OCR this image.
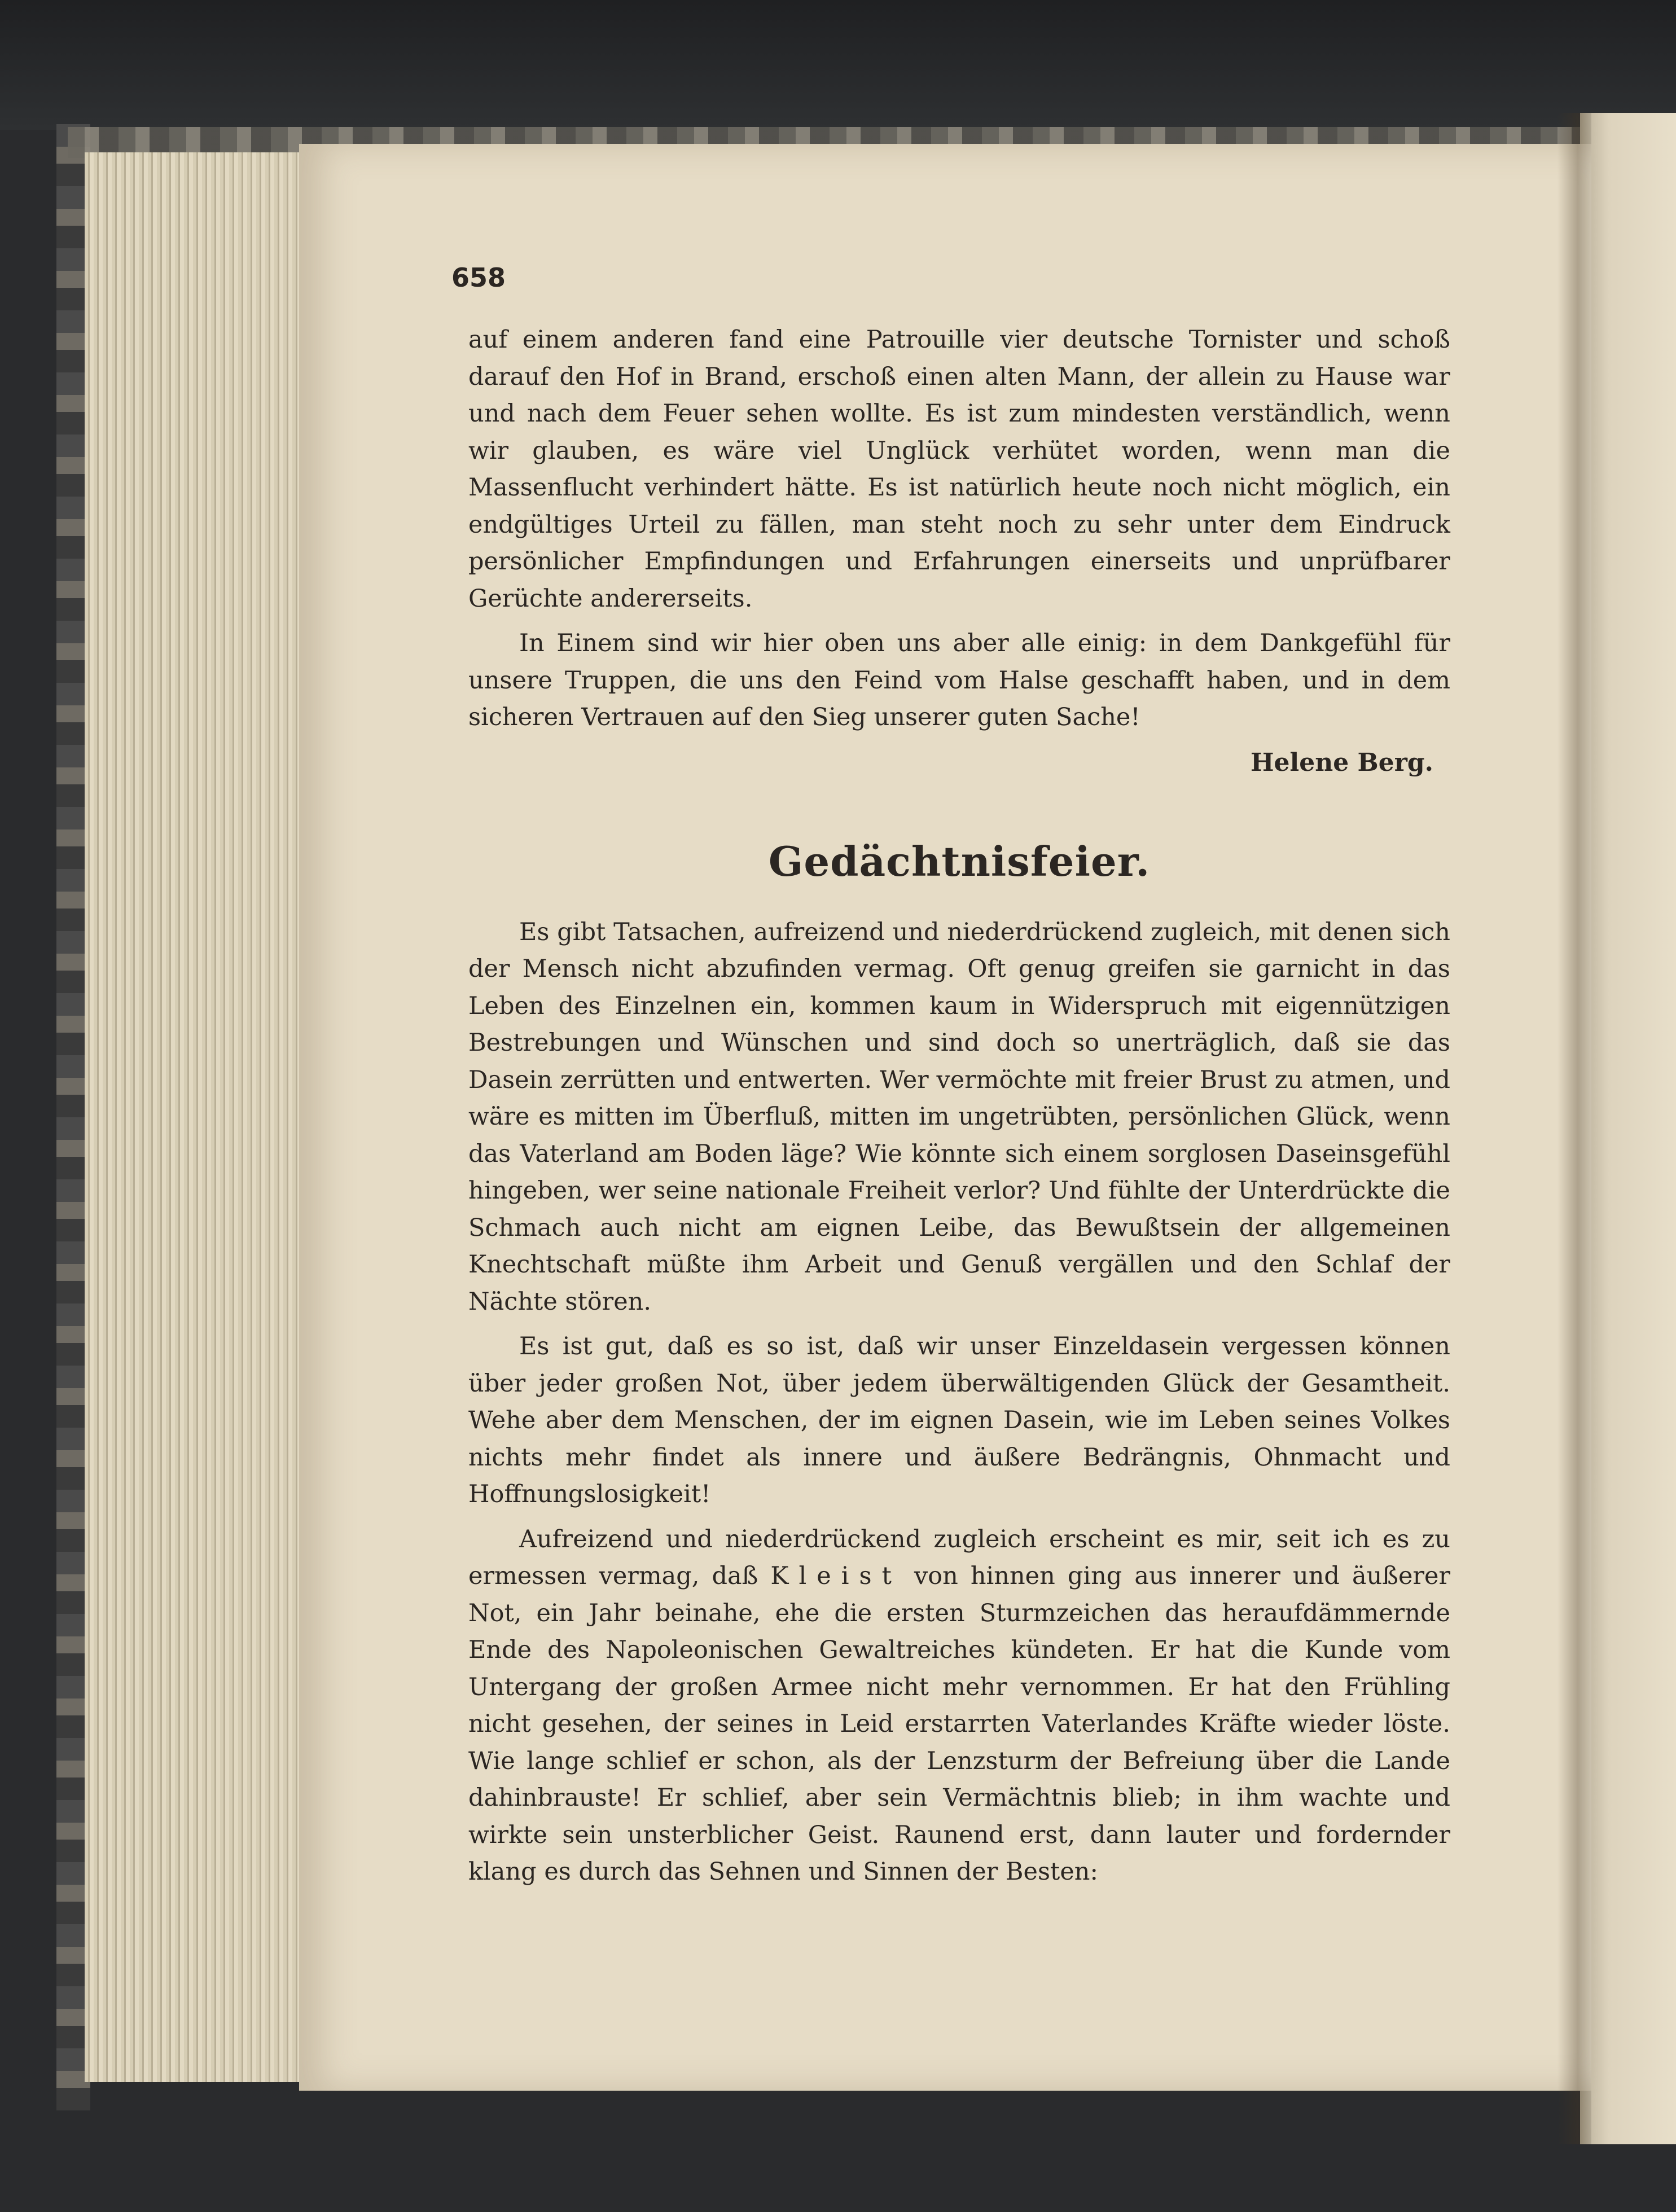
658

auf einem anderen fand eine Patrouille vier deutsche Tornister und schoß darauf den Hof in Brand, erschoß einen alten Mann, der allein zu Hause war und nach dem Feuer sehen wollte. Es ist zum mindesten verständlich, wenn wir glauben, es wäre viel Unglück verhütet worden, wenn man die Massenflucht verhindert hätte. Es ist natürlich heute noch nicht möglich, ein endgültiges Urteil zu fällen, man steht noch zu sehr unter dem Eindruck persönlicher Empfindungen und Erfahrungen einerseits und unprüfbarer Gerüchte andererseits.

In Einem sind wir hier oben uns aber alle einig: in dem Dankgefühl für unsere Truppen, die uns den Feind vom Halse geschafft haben, und in dem sicheren Vertrauen auf den Sieg unserer guten Sache!

Helene Berg.

Gedächtnisfeier.

Es gibt Tatsachen, aufreizend und niederdrückend zugleich, mit denen sich der Mensch nicht abzufinden vermag. Oft genug greifen sie garnicht in das Leben des Einzelnen ein, kommen kaum in Widerspruch mit eigennützigen Bestrebungen und Wünschen und sind doch so unerträglich, daß sie das Dasein zerrütten und entwerten. Wer vermöchte mit freier Brust zu atmen, und wäre es mitten im Überfluß, mitten im ungetrübten, persönlichen Glück, wenn das Vaterland am Boden läge? Wie könnte sich einem sorglosen Daseinsgefühl hingeben, wer seine nationale Freiheit verlor? Und fühlte der Unterdrückte die Schmach auch nicht am eignen Leibe, das Bewußtsein der allgemeinen Knechtschaft müßte ihm Arbeit und Genuß vergällen und den Schlaf der Nächte stören.

Es ist gut, daß es so ist, daß wir unser Einzeldasein vergessen können über jeder großen Not, über jedem überwältigenden Glück der Gesamtheit. Wehe aber dem Menschen, der im eignen Dasein, wie im Leben seines Volkes nichts mehr findet als innere und äußere Bedrängnis, Ohnmacht und Hoffnungslosigkeit!

Aufreizend und niederdrückend zugleich erscheint es mir, seit ich es zu ermessen vermag, daß Kleist von hinnen ging aus innerer und äußerer Not, ein Jahr beinahe, ehe die ersten Sturmzeichen das heraufdämmernde Ende des Napoleonischen Gewaltreiches kündeten. Er hat die Kunde vom Untergang der großen Armee nicht mehr vernommen. Er hat den Frühling nicht gesehen, der seines in Leid erstarrten Vaterlandes Kräfte wieder löste. Wie lange schlief er schon, als der Lenzsturm der Befreiung über die Lande dahinbrauste! Er schlief, aber sein Vermächtnis blieb; in ihm wachte und wirkte sein unsterblicher Geist. Raunend erst, dann lauter und fordernder klang es durch das Sehnen und Sinnen der Besten:
